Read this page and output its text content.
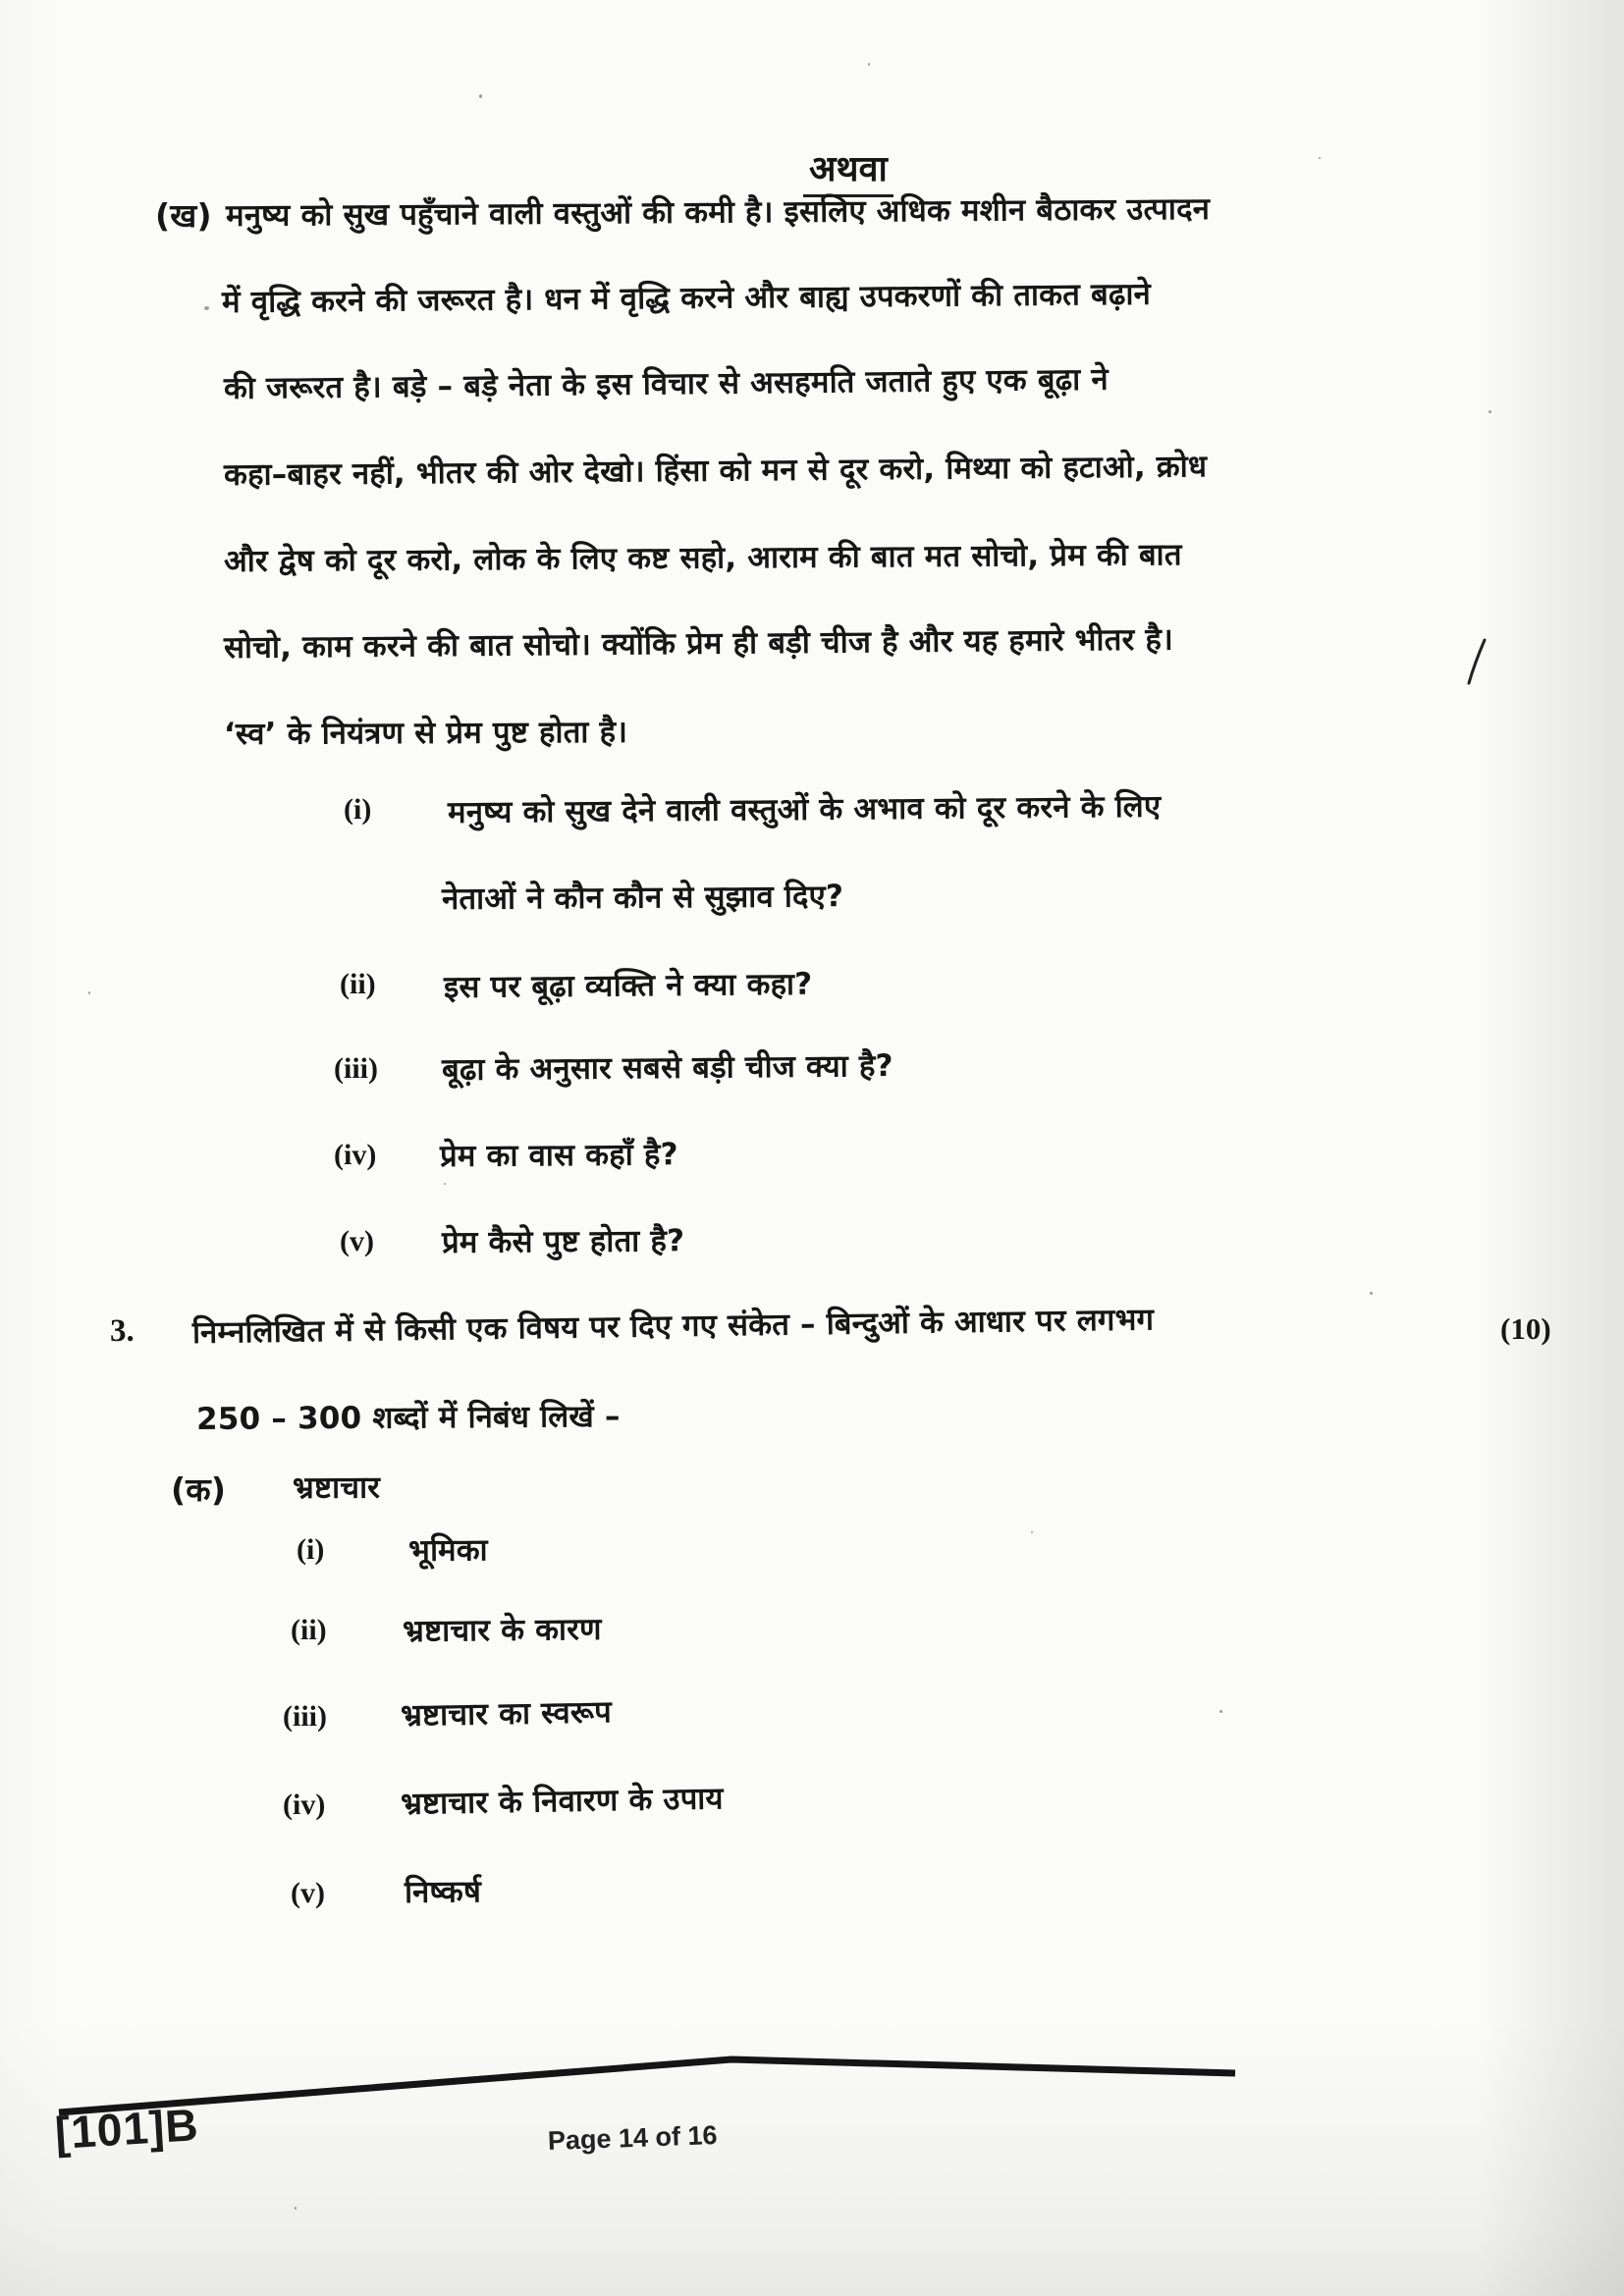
अथवा
(ख) मनुष्य को सुख पहुँचाने वाली वस्तुओं की कमी है। इसलिए अधिक मशीन बैठाकर उत्पादन
में वृद्धि करने की जरूरत है। धन में वृद्धि करने और बाह्य उपकरणों की ताकत बढ़ाने
की जरूरत है। बड़े – बड़े नेता के इस विचार से असहमति जताते हुए एक बूढ़ा ने
कहा–बाहर नहीं, भीतर की ओर देखो। हिंसा को मन से दूर करो, मिथ्या को हटाओ, क्रोध
और द्वेष को दूर करो, लोक के लिए कष्ट सहो, आराम की बात मत सोचो, प्रेम की बात
सोचो, काम करने की बात सोचो। क्योंकि प्रेम ही बड़ी चीज है और यह हमारे भीतर है।
‘स्व’ के नियंत्रण से प्रेम पुष्ट होता है।
(i)	मनुष्य को सुख देने वाली वस्तुओं के अभाव को दूर करने के लिए
नेताओं ने कौन कौन से सुझाव दिए?
(ii) इस पर बूढ़ा व्यक्ति ने क्या कहा?
(iii) बूढ़ा के अनुसार सबसे बड़ी चीज क्या है?
(iv) प्रेम का वास कहाँ है?
(v) प्रेम कैसे पुष्ट होता है?
3. निम्नलिखित में से किसी एक विषय पर दिए गए संकेत – बिन्दुओं के आधार पर लगभग	(10)
250 – 300 शब्दों में निबंध लिखें –
(क) भ्रष्टाचार
(i)	भूमिका
(ii) भ्रष्टाचार के कारण
(iii) भ्रष्टाचार का स्वरूप
(iv) भ्रष्टाचार के निवारण के उपाय
(v)	निष्कर्ष
[101]B	Page 14 of 16
